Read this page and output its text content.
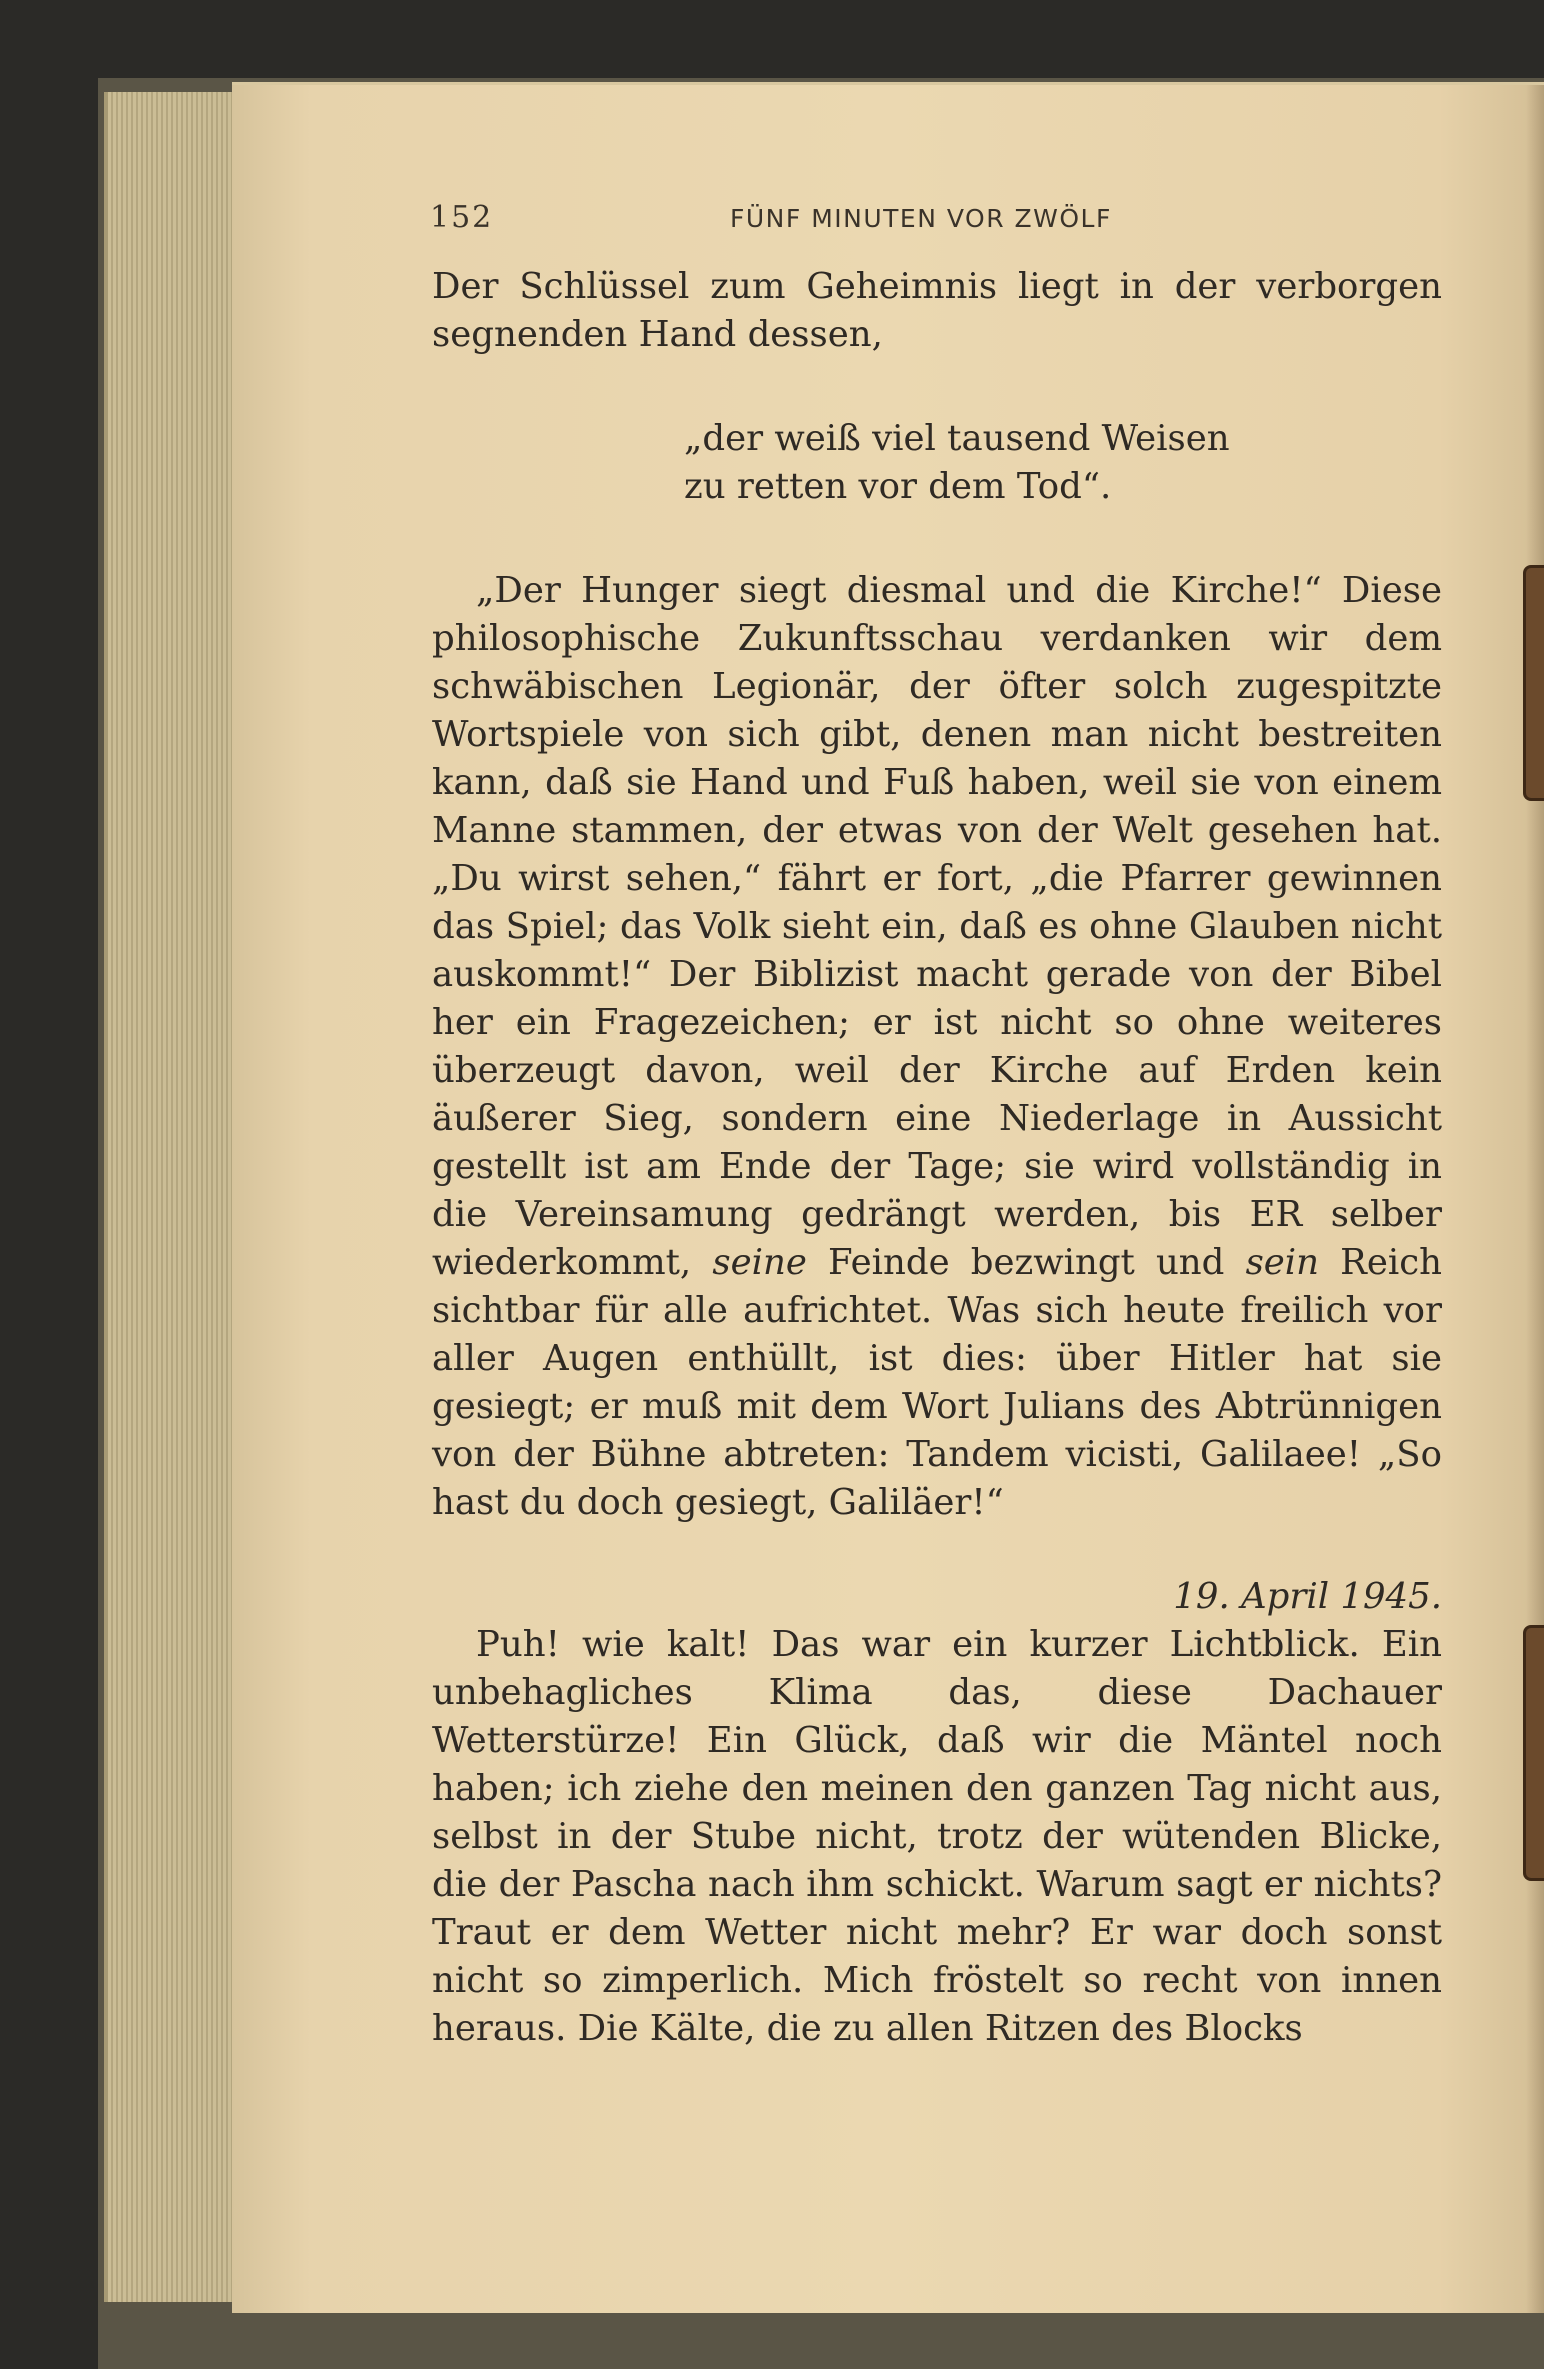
152	FÜNF MINUTEN VOR ZWÖLF

Der Schlüssel zum Geheimnis liegt in der verborgen segnenden Hand dessen,

„der weiß viel tausend Weisen
zu retten vor dem Tod“.

„Der Hunger siegt diesmal und die Kirche!“ Diese philosophische Zukunftsschau verdanken wir dem schwäbischen Legionär, der öfter solch zugespitzte Wortspiele von sich gibt, denen man nicht bestreiten kann, daß sie Hand und Fuß haben, weil sie von einem Manne stammen, der etwas von der Welt gesehen hat. „Du wirst sehen,“ fährt er fort, „die Pfarrer gewinnen das Spiel; das Volk sieht ein, daß es ohne Glauben nicht auskommt!“ Der Biblizist macht gerade von der Bibel her ein Fragezeichen; er ist nicht so ohne weiteres überzeugt davon, weil der Kirche auf Erden kein äußerer Sieg, sondern eine Niederlage in Aussicht gestellt ist am Ende der Tage; sie wird vollständig in die Vereinsamung gedrängt werden, bis ER selber wiederkommt, seine Feinde bezwingt und sein Reich sichtbar für alle aufrichtet. Was sich heute freilich vor aller Augen enthüllt, ist dies: über Hitler hat sie gesiegt; er muß mit dem Wort Julians des Abtrünnigen von der Bühne abtreten: Tandem vicisti, Galilaee! „So hast du doch gesiegt, Galiläer!“

19. April 1945.

Puh! wie kalt! Das war ein kurzer Lichtblick. Ein unbehagliches Klima das, diese Dachauer Wetterstürze! Ein Glück, daß wir die Mäntel noch haben; ich ziehe den meinen den ganzen Tag nicht aus, selbst in der Stube nicht, trotz der wütenden Blicke, die der Pascha nach ihm schickt. Warum sagt er nichts? Traut er dem Wetter nicht mehr? Er war doch sonst nicht so zimperlich. Mich fröstelt so recht von innen heraus. Die Kälte, die zu allen Ritzen des Blocks
